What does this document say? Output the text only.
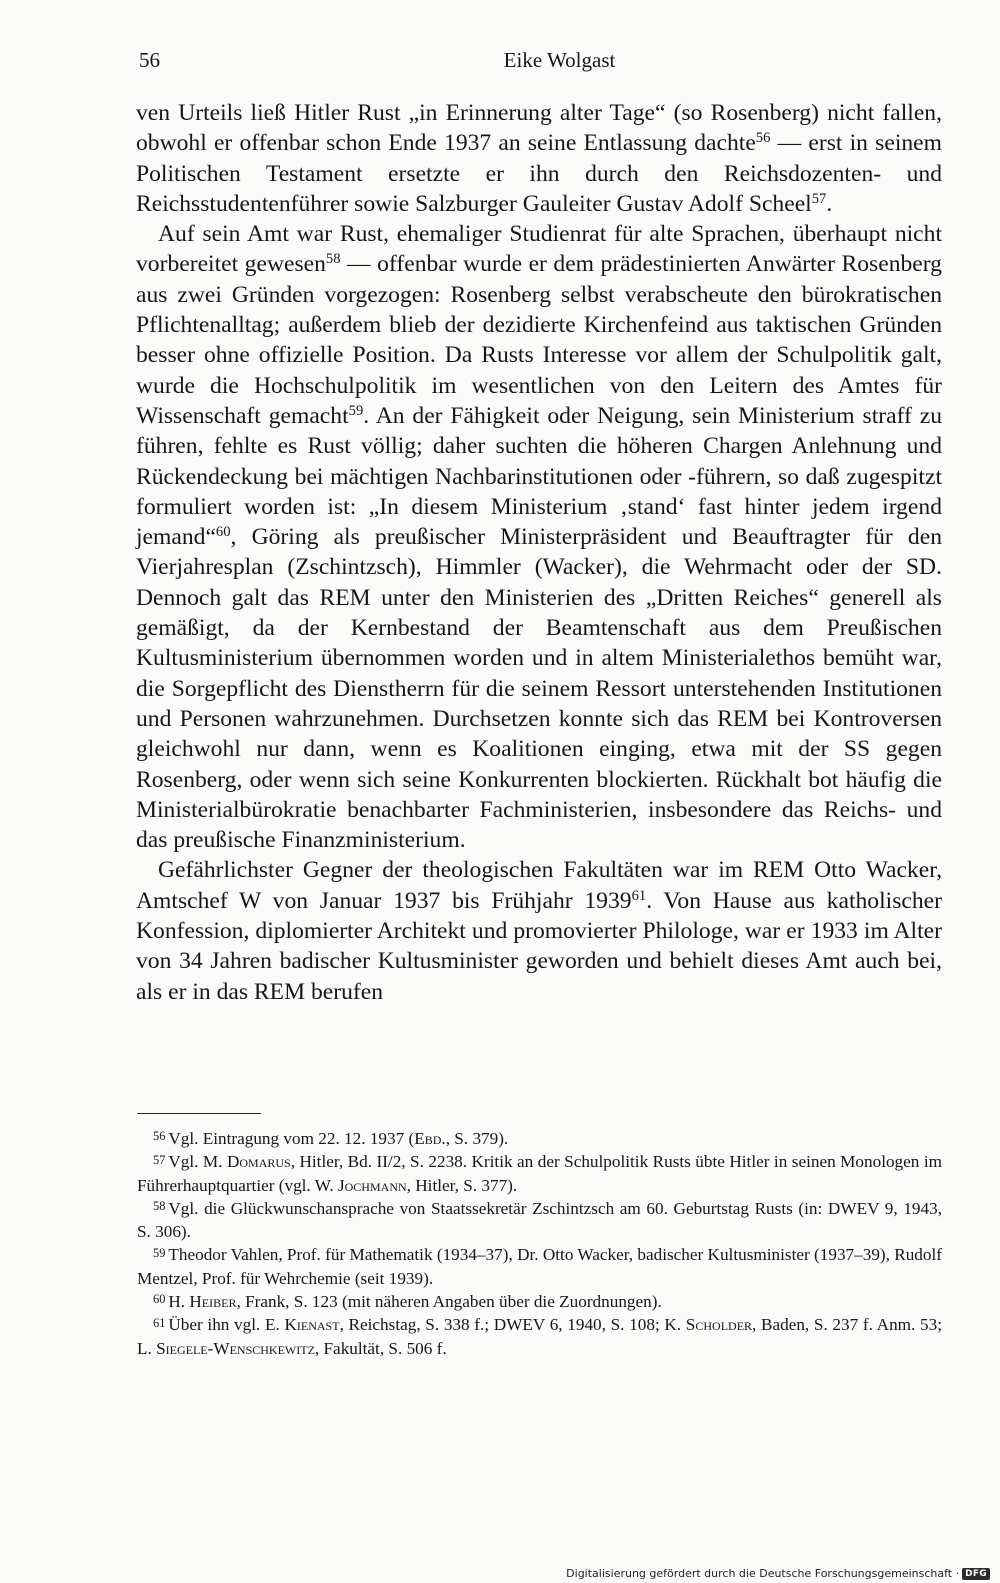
56	Eike Wolgast

ven Urteils ließ Hitler Rust „in Erinnerung alter Tage“ (so Rosenberg) nicht fallen, obwohl er offenbar schon Ende 1937 an seine Entlassung dachte$^{56}$ — erst in seinem Politischen Testament ersetzte er ihn durch den Reichsdozenten- und Reichsstudentenführer sowie Salzburger Gauleiter Gustav Adolf Scheel$^{57}$.

Auf sein Amt war Rust, ehemaliger Studienrat für alte Sprachen, überhaupt nicht vorbereitet gewesen$^{58}$ — offenbar wurde er dem prädestinierten Anwärter Rosenberg aus zwei Gründen vorgezogen: Rosenberg selbst verabscheute den bürokratischen Pflichtenalltag; außerdem blieb der dezidierte Kirchenfeind aus taktischen Gründen besser ohne offizielle Position. Da Rusts Interesse vor allem der Schulpolitik galt, wurde die Hochschulpolitik im wesentlichen von den Leitern des Amtes für Wissenschaft gemacht$^{59}$. An der Fähigkeit oder Neigung, sein Ministerium straff zu führen, fehlte es Rust völlig; daher suchten die höheren Chargen Anlehnung und Rückendeckung bei mächtigen Nachbarinstitutionen oder -führern, so daß zugespitzt formuliert worden ist: „In diesem Ministerium ‚stand‘ fast hinter jedem irgend jemand“$^{60}$, Göring als preußischer Ministerpräsident und Beauftragter für den Vierjahresplan (Zschintzsch), Himmler (Wacker), die Wehrmacht oder der SD. Dennoch galt das REM unter den Ministerien des „Dritten Reiches“ generell als gemäßigt, da der Kernbestand der Beamtenschaft aus dem Preußischen Kultusministerium übernommen worden und in altem Ministerialethos bemüht war, die Sorgepflicht des Dienstherrn für die seinem Ressort unterstehenden Institutionen und Personen wahrzunehmen. Durchsetzen konnte sich das REM bei Kontroversen gleichwohl nur dann, wenn es Koalitionen einging, etwa mit der SS gegen Rosenberg, oder wenn sich seine Konkurrenten blockierten. Rückhalt bot häufig die Ministerialbürokratie benachbarter Fachministerien, insbesondere das Reichs- und das preußische Finanzministerium.

Gefährlichster Gegner der theologischen Fakultäten war im REM Otto Wacker, Amtschef W von Januar 1937 bis Frühjahr 1939$^{61}$. Von Hause aus katholischer Konfession, diplomierter Architekt und promovierter Philologe, war er 1933 im Alter von 34 Jahren badischer Kultusminister geworden und behielt dieses Amt auch bei, als er in das REM berufen

$^{56}$ Vgl. Eintragung vom 22. 12. 1937 (Ebd., S. 379).

$^{57}$ Vgl. M. Domarus, Hitler, Bd. II/2, S. 2238. Kritik an der Schulpolitik Rusts übte Hitler in seinen Monologen im Führerhauptquartier (vgl. W. Jochmann, Hitler, S. 377).

$^{58}$ Vgl. die Glückwunschansprache von Staatssekretär Zschintzsch am 60. Geburtstag Rusts (in: DWEV 9, 1943, S. 306).

$^{59}$ Theodor Vahlen, Prof. für Mathematik (1934–37), Dr. Otto Wacker, badischer Kultusminister (1937–39), Rudolf Mentzel, Prof. für Wehrchemie (seit 1939).

$^{60}$ H. Heiber, Frank, S. 123 (mit näheren Angaben über die Zuordnungen).

$^{61}$ Über ihn vgl. E. Kienast, Reichstag, S. 338 f.; DWEV 6, 1940, S. 108; K. Scholder, Baden, S. 237 f. Anm. 53; L. Siegele-Wenschkewitz, Fakultät, S. 506 f.

Digitalisierung gefördert durch die Deutsche Forschungsgemeinschaft · DFG
